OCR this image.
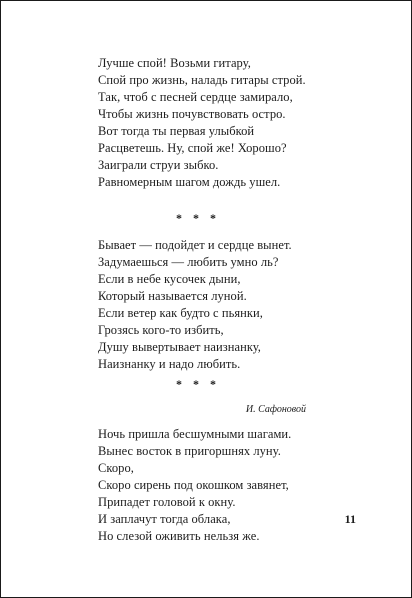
Лучше спой! Возьми гитару,
Спой про жизнь, наладь гитары строй.
Так, чтоб с песней сердце замирало,
Чтобы жизнь почувствовать остро.
Вот тогда ты первая улыбкой
Расцветешь. Ну, спой же! Хорошо?
Заиграли струи зыбко.
Равномерным шагом дождь ушел.
* * *
Бывает — подойдет и сердце вынет.
Задумаешься — любить умно ль?
Если в небе кусочек дыни,
Который называется луной.
Если ветер как будто с пьянки,
Грозясь кого-то избить,
Душу вывертывает наизнанку,
Наизнанку и надо любить.
* * *
И. Сафоновой
Ночь пришла бесшумными шагами.
Вынес восток в пригоршнях луну.
Скоро,
Скоро сирень под окошком завянет,
Припадет головой к окну.
И заплачут тогда облака,
Но слезой оживить нельзя же.
11
